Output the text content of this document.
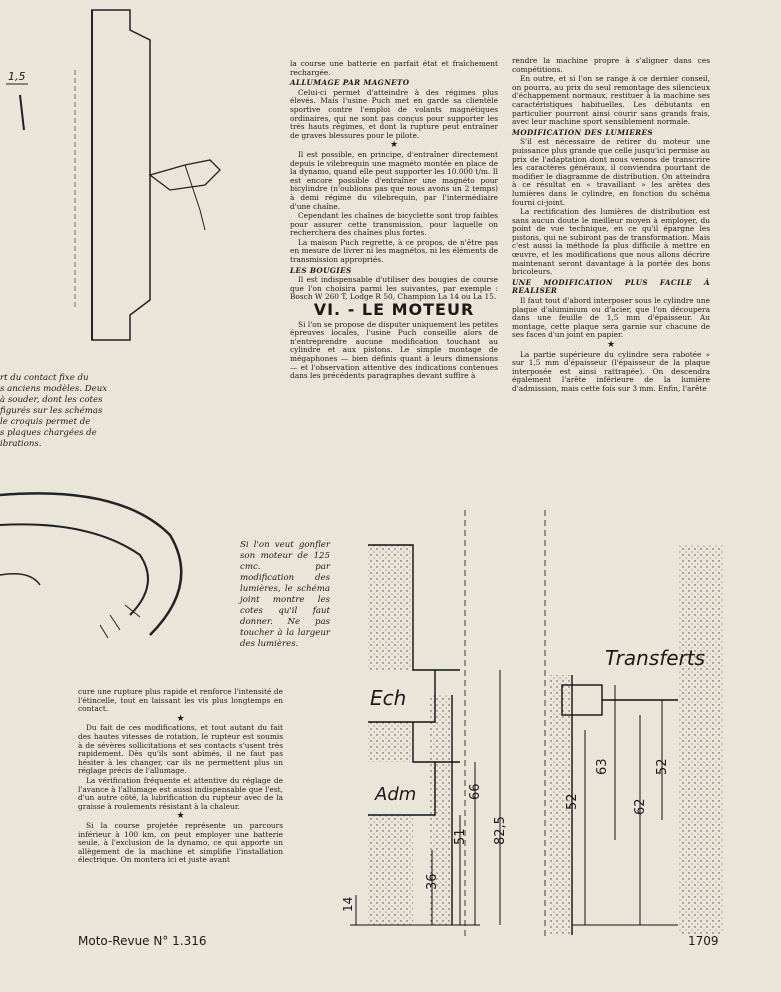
1,5
rt du contact fixe du
s anciens modèles. Deux
à souder, dont les cotes
figurés sur les schémas
le croquis permet de
s plaques chargées de
ibrations.

la course une batterie en parfait état et fraîchement rechargée.

ALLUMAGE PAR MAGNETO

Celui-ci permet d'atteindre à des régimes plus élevés. Mais l'usine Puch met en garde sa clientèle sportive contre l'emploi de volants magnétiques ordinaires, qui ne sont pas conçus pour supporter les très hauts régimes, et dont la rupture peut entraîner de graves blessures pour le pilote.

★

Il est possible, en principe, d'entraîner directement depuis le vilebrequin une magnéto montée en place de la dynamo, quand elle peut supporter les 10.000 t/m. Il est encore possible d'entraîner une magnéto pour bicylindre (n'oublions pas que nous avons un 2 temps) à demi régime du vilebrequin, par l'intermédiaire d'une chaîne.

Cependant les chaînes de bicyclette sont trop faibles pour assurer cette transmission, pour laquelle on recherchera des chaînes plus fortes.

La maison Puch regrette, à ce propos, de n'être pas en mesure de livrer ni les magnétos, ni les éléments de transmission appropriés.

LES BOUGIES

Il est indispensable d'utiliser des bougies de course que l'on choisira parmi les suivantes, par exemple : Bosch W 260 T, Lodge R 50, Champion La 14 ou La 15.

VI. - LE MOTEUR

Si l'on se propose de disputer uniquement les petites épreuves locales, l'usine Puch conseille alors de n'entreprendre aucune modification touchant au cylindre et aux pistons. Le simple montage de mégaphones — bien définis quant à leurs dimensions — et l'observation attentive des indications contenues dans les précédents paragraphes devant suffire à

rendre la machine propre à s'aligner dans ces compétitions.

En outre, et si l'on se range à ce dernier conseil, on pourra, au prix du seul remontage des silencieux d'échappement normaux, restituer à la machine ses caractéristiques habituelles. Les débutants en particulier pourront ainsi courir sans grands frais, avec leur machine sport sensiblement normale.

MODIFICATION DES LUMIERES

S'il est nécessaire de retirer du moteur une puissance plus grande que celle jusqu'ici permise au prix de l'adaptation dont nous venons de transcrire les caractères généraux, il conviendra pourtant de modifier le diagramme de distribution. On atteindra à ce résultat en « travaillant » les arêtes des lumières dans le cylindre, en fonction du schéma fourni ci-joint.

La rectification des lumières de distribution est sans aucun doute le meilleur moyen à employer, du point de vue technique, en ce qu'il épargne les pistons, qui ne subiront pas de transformation. Mais c'est aussi la méthode la plus difficile à mettre en œuvre, et les modifications que nous allons décrire maintenant seront davantage à la portée des bons bricoleurs.

UNE MODIFICATION PLUS FACILE À REALISER

Il faut tout d'abord interposer sous le cylindre une plaque d'aluminium ou d'acier, que l'on découpera dans une feuille de 1,5 mm d'épaisseur. Au montage, cette plaque sera garnie sur chacune de ses faces d'un joint en papier.

★

La partie supérieure du cylindre sera rabotée » sur 1,5 mm d'épaisseur (l'épaisseur de la plaque interposée est ainsi rattrapée). On descendra également l'arête inférieure de la lumière d'admission, mais cette fois sur 3 mm. Enfin, l'arête

Si l'on veut gonfler son moteur de 125 cmc. par modification des lumières, le schéma joint montre les cotes qu'il faut donner. Ne pas toucher à la largeur des lumières.

cure une rupture plus rapide et renforce l'intensité de l'étincelle, tout en laissant les vis plus longtemps en contact.

★

Du fait de ces modifications, et tout autant du fait des hautes vitesses de rotation, le rupteur est soumis à de sévères sollicitations et ses contacts s'usent très rapidement. Dès qu'ils sont abîmés, il ne faut pas hésiter à les changer, car ils ne permettent plus un réglage précis de l'allumage.

La vérification fréquente et attentive du réglage de l'avance à l'allumage est aussi indispensable que l'est, d'un autre côté, la lubrification du rupteur avec de la graisse à roulements résistant à la chaleur.

★

Si la course projetée représente un parcours inférieur à 100 km, on peut employer une batterie seule, à l'exclusion de la dynamo, ce qui apporte un allègement de la machine et simplifie l'installation électrique. On montera ici et juste avant

Ech
Adm
Transferts
14
36
51
66
82,5
52
63
62
52
Moto-Revue N° 1.316	1709
